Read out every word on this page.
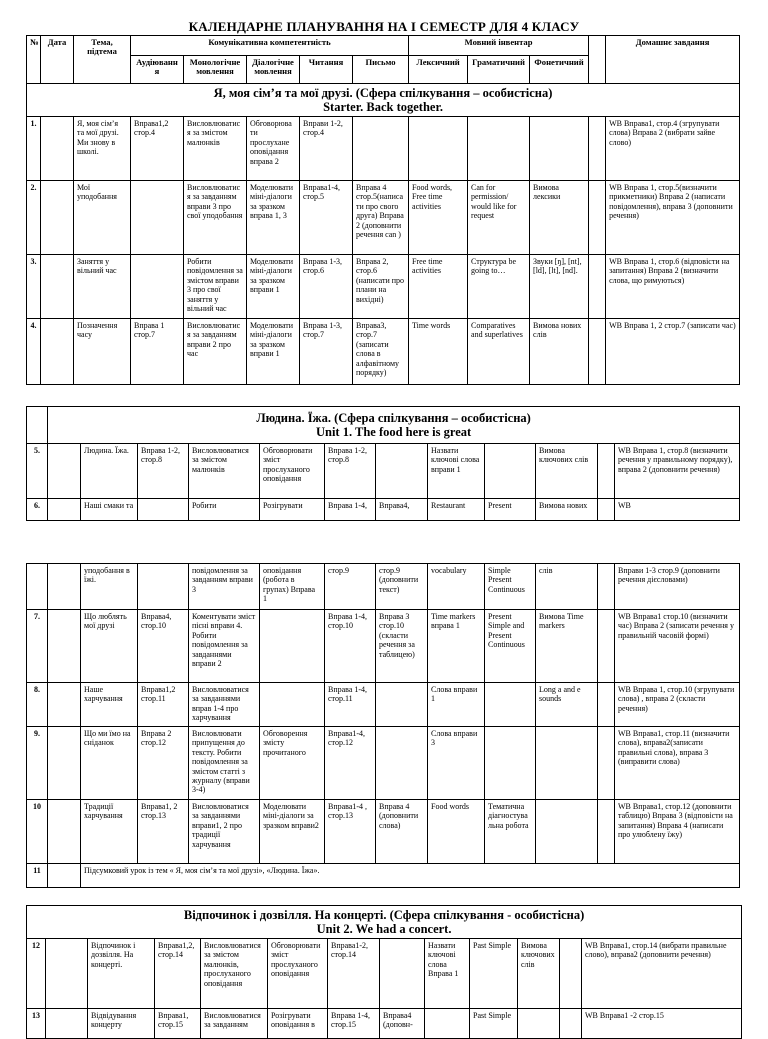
КАЛЕНДАРНЕ ПЛАНУВАННЯ НА І СЕМЕСТР ДЛЯ 4 КЛАСУ
№	Дата	Тема, підтема	Комунікативна компетентність					Мовний інвентар				Домашнє завдання
			Аудіювання	Монологічне мовлення	Діалогічне мовлення	Читання	Письмо	Лексичний	Граматичний	Фонетичний		

Я, моя сім’я та мої друзі. (Сфера спілкування – особистісна)
Starter. Back together.												

1.		Я, моя сім’я та мої друзі. Ми знову в школі.	Вправа1,2 стор.4	Висловлюватис я за змістом малюнків	Обговорюва ти прослухане оповідання вправа 2	Вправи 1-2, стор.4						WB Вправа1, стор.4 (згрупувати слова) Вправа 2 (вибрати зайве слово)
2.		Мої уподобання		Висловлюватис я за завданням вправи 3 про свої уподобання	Моделювати міні-діалоги за зразком вправа 1, 3	Вправа1-4, стор.5	Вправа 4 стор.5(написа ти про свого друга) Вправа 2 (доповнити речення can )	Food words, Free time activities	Can for permission/ would like for request	Вимова лексики		WB Вправа 1, стор.5(визначити прикметники) Вправа 2 (написати повідомлення), вправа 3 (доповнити речення)
3.		Заняття у вільний час		Робити повідомлення за змістом вправи 3 про свої заняття у вільний час	Моделювати міні-діалоги за зразком вправи 1	Вправа 1-3, стор.6	Вправа 2, стор.6 (написати про плани на вихідні)	Free time activities	Структура be going to…	Звуки [ŋ], [nt], [ld], [lt], [nd].		WB Вправа 1, стор.6 (відповісти на запитання) Вправа 2 (визначити слова, що римуються)
4.		Позначення часу	Вправа 1 стор.7	Висловлюватис я за завданням вправи 2 про час	Моделювати міні-діалоги за зразком вправи 1	Вправа 1-3, стор.7	Вправа3, стор.7 (записати слова в алфавітному порядку)	Time words	Comparatives and superlatives	Вимова нових слів		WB Вправа 1, 2 стор.7 (записати час)

	Людина. Їжа. (Сфера спілкування – особистісна)
Unit 1. The food here is great											

5.		Людина. Їжа.	Вправа 1-2, стор.8	Висловлюватися за змістом малюнків	Обговорювати зміст прослуханого оповідання	Вправа 1-2, стор.8		Назвати ключові слова вправи 1		Вимова ключових слів		WB Вправа 1, стор.8 (визначити речення у правильному порядку), вправа 2 (доповнити речення)
6.		Наші смаки та		Робити	Розігрувати	Вправа 1-4,	Вправа4,	Restaurant	Present	Вимова нових		WB
		уподобання в їжі.		повідомлення за завданням вправи 3	оповідання (робота в групах) Вправа 1	стор.9	стор.9 (доповнити текст)	vocabulary	Simple Present Continuous	слів		Вправи 1-3 стор.9 (доповнити речення дієсловами)
7.		Що люблять мої друзі	Вправа4, стор.10	Коментувати зміст пісні вправи 4. Робити повідомлення за завданнями вправи 2		Вправа 1-4, стор.10	Вправа 3 стор.10 (скласти речення за таблицею)	Time markers вправа 1	Present Simple and Present Continuous	Вимова Time markers		WB Вправа1 стор.10 (визначити час) Вправа 2 (записати речення у правильній часовій формі)
8.		Наше харчування	Вправа1,2 стор.11	Висловлюватися за завданнями вправ 1-4 про харчування		Вправа 1-4, стор.11		Слова вправи 1		Long a and e sounds		WB Вправа 1, стор.10 (згрупувати слова) , вправа 2 (скласти речення)
9.		Що ми їмо на сніданок	Вправа 2 стор.12	Висловлювати припущення до тексту. Робити повідомлення за змістом статті з журналу (вправи 3-4)	Обговорення змісту прочитаного	Вправа1-4, стор.12		Слова вправи 3				WB Вправа1, стор.11 (визначити слова), вправа2(записати правильні слова), вправа 3 (виправити слова)
10		Традиції харчування	Вправа1, 2 стор.13	Висловлюватися за завданнями вправи1, 2 про традиції харчування	Моделювати міні-діалоги за зразком вправи2	Вправа1-4 , стор.13	Вправа 4 (доповнити слова)	Food words	Тематична діагностува льна робота			WB Вправа1, стор.12 (доповнити таблицю) Вправа 3 (відповісти на запитання) Вправа 4 (написати про улюблену їжу)
11		Підсумковий урок із тем « Я, моя сім’я та мої друзі», «Людина. Їжа».										
Відпочинок і дозвілля. На концерті. (Сфера спілкування - особистісна)
Unit 2. We had a concert.												

12		Відпочинок і дозвілля. На концерті.	Вправа1,2, стор.14	Висловлюватися за змістом малюнків, прослуханого оповідання	Обговорювати зміст прослуханого оповідання	Вправа1-2, стор.14		Назвати ключові слова Вправа 1	Past Simple	Вимова ключових слів		WB Вправа1, стор.14 (вибрати правильне слово), вправа2 (доповнити речення)
13		Відвідування концерту	Вправа1, стор.15	Висловлюватися за завданням	Розігрувати оповідання в	Вправа 1-4, стор.15	Вправа4 (доповн-		Past Simple			WB Вправа1 -2 стор.15
